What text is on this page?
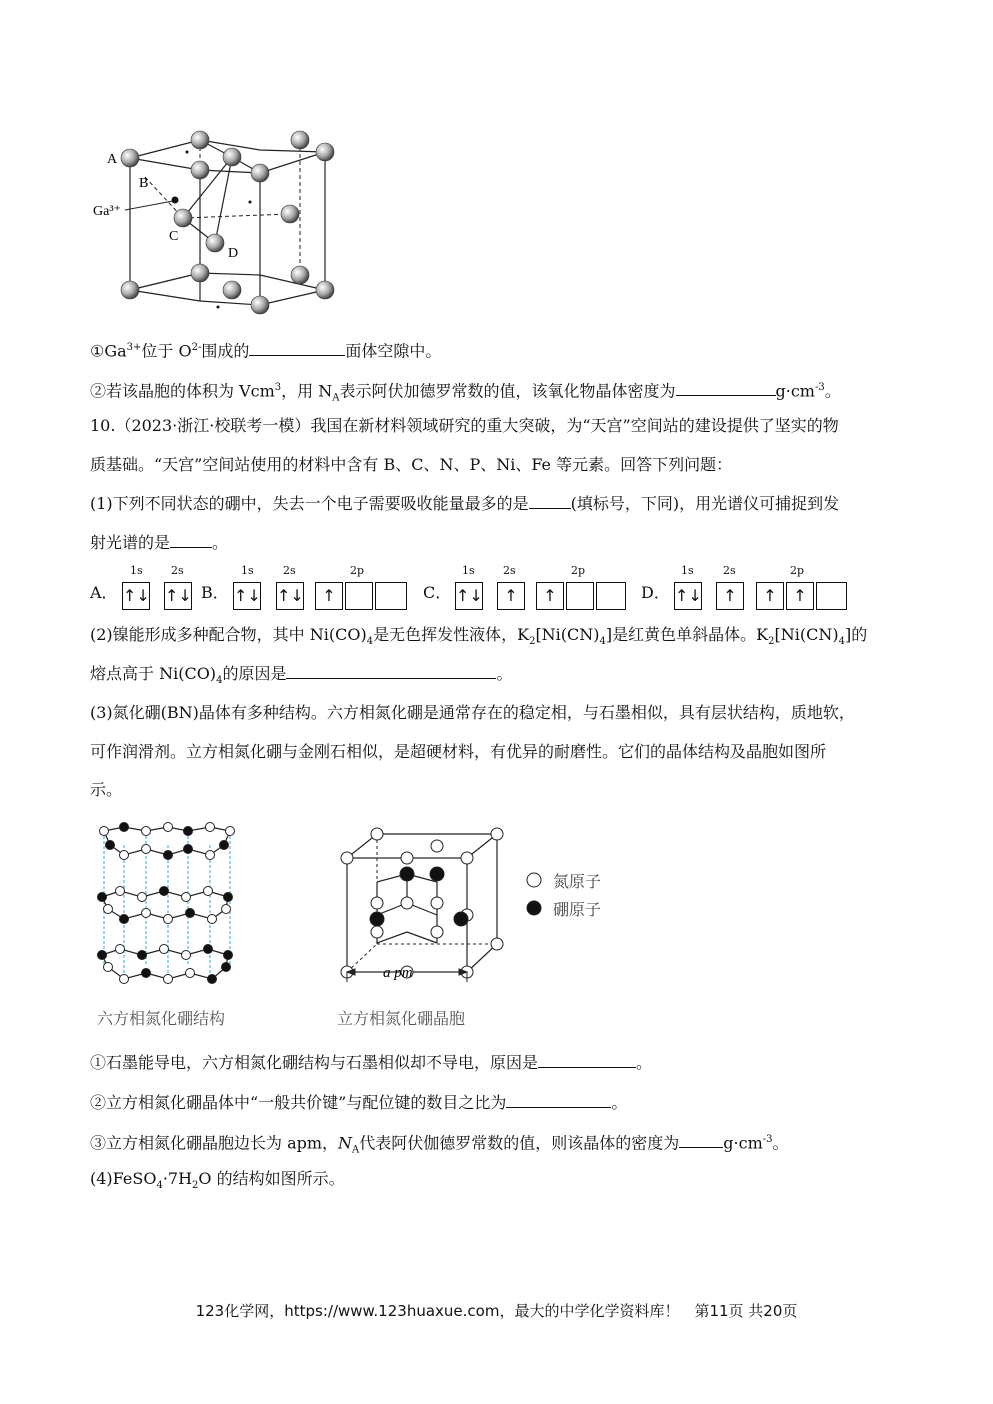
A
B
Ga³⁺
C
D
$①Ga^{3+}$位于 $O^{2-}$围成的	面体空隙中。
②若该晶胞的体积为 Vcm$^3$，用 $N_A$表示阿伏加德罗常数的值，该氧化物晶体密度为	$g\cdot cm^{-3}$。
10.（2023·浙江·校联考一模）我国在新材料领域研究的重大突破，为“天宫”空间站的建设提供了坚实的物
质基础。“天宫”空间站使用的材料中含有 B、C、N、P、Ni、Fe 等元素。回答下列问题：
(1)下列不同状态的硼中，失去一个电子需要吸收能量最多的是	(填标号，下同)，用光谱仪可捕捉到发
射光谱的是	。
A．
1s
↑↓
2s
↑↓ B．
1s
↑↓
2s
↑↓
2p
↑	C．
1s
↑↓
2s
↑
2p
↑	D．
1s
↑↓
2s
↑
2p
↑	↑
(2)镍能形成多种配合物，其中 $Ni(CO)_4$是无色挥发性液体，$K_2[Ni(CN)_4]$是红黄色单斜晶体。$K_2[Ni(CN)_4]$的
熔点高于 $Ni(CO)_4$的原因是	。
(3)氮化硼(BN)晶体有多种结构。六方相氮化硼是通常存在的稳定相，与石墨相似，具有层状结构，质地软，
可作润滑剂。立方相氮化硼与金刚石相似，是超硬材料，有优异的耐磨性。它们的晶体结构及晶胞如图所
示。
六方相氮化硼结构
a pm
立方相氮化硼晶胞
氮原子
硼原子
①石墨能导电，六方相氮化硼结构与石墨相似却不导电，原因是	。
②立方相氮化硼晶体中“一般共价键”与配位键的数目之比为	。
③立方相氮化硼晶胞边长为 apm，$N_A$代表阿伏伽德罗常数的值，则该晶体的密度为	$g\cdot cm^{-3}$。
$(4)FeSO_4\cdot 7H_2O$ 的结构如图所示。
123化学网，https://www.123huaxue.com，最大的中学化学资料库！　第11页 共20页
